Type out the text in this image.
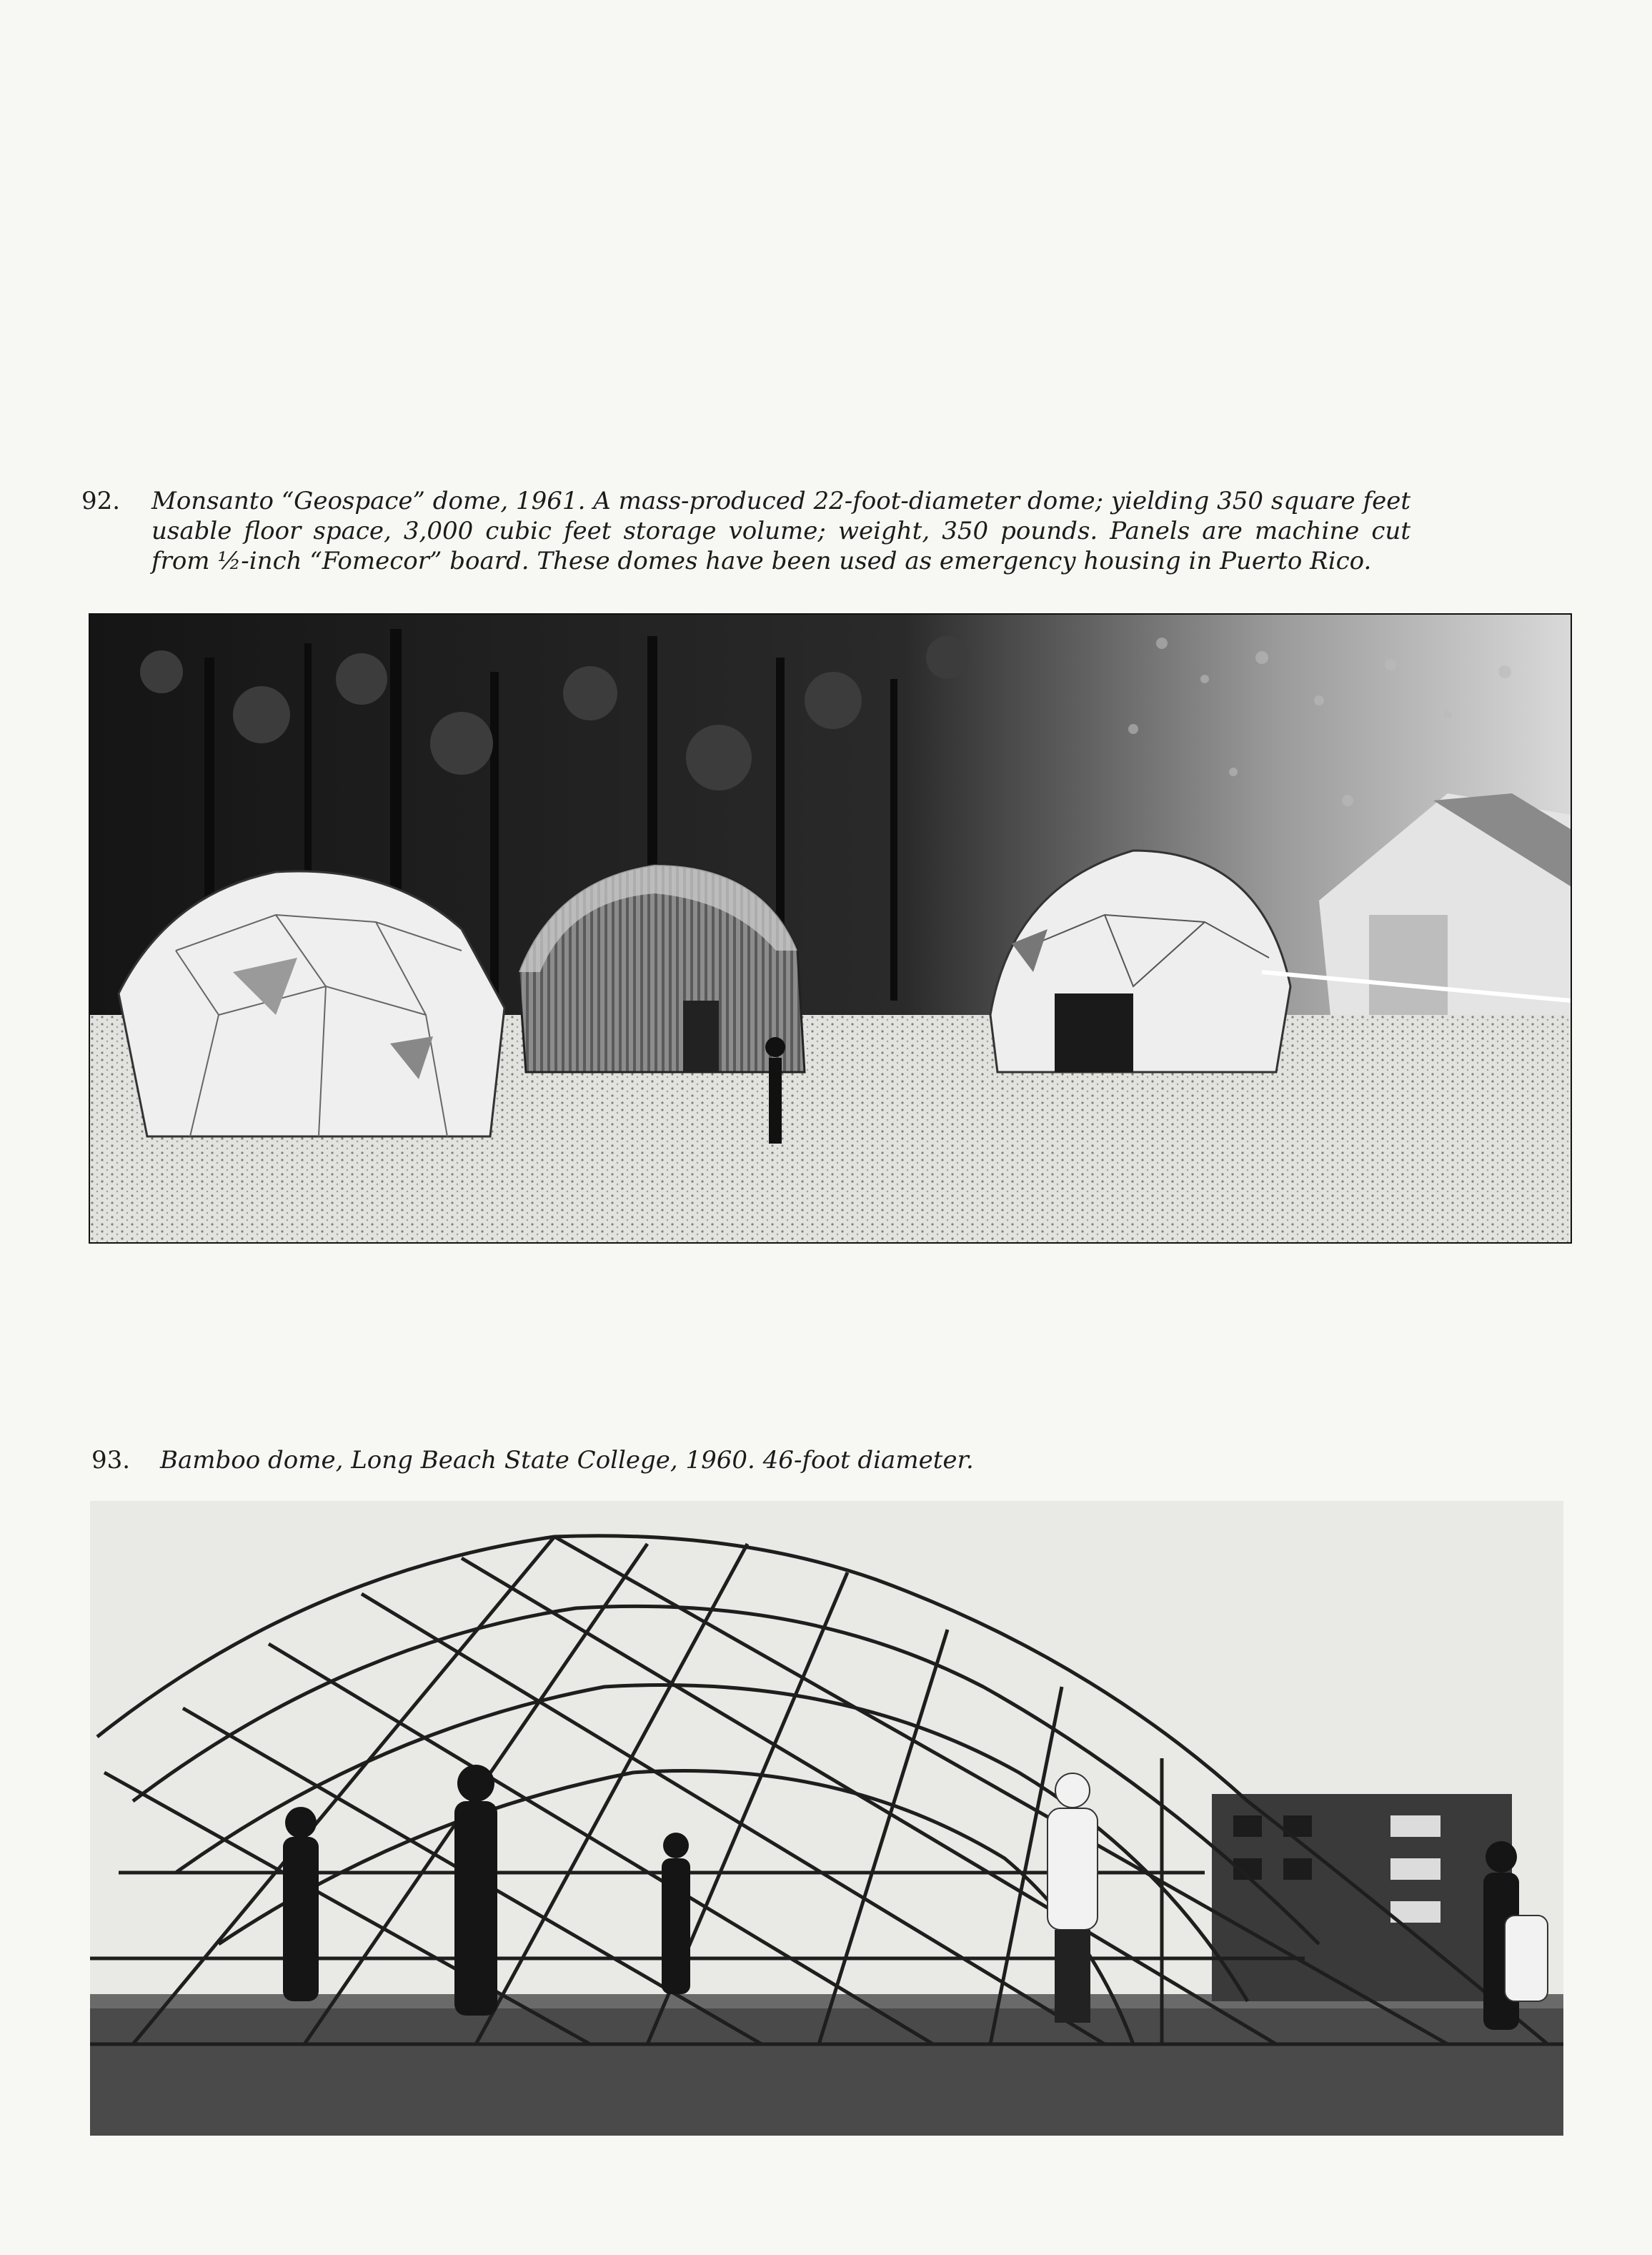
92. Monsanto “Geospace” dome, 1961. A mass-produced 22-foot-diameter dome; yielding 350 square feet usable floor space, 3,000 cubic feet storage volume; weight, 350 pounds. Panels are machine cut from ½-inch “Fomecor” board. These domes have been used as emergency housing in Puerto Rico.
93. Bamboo dome, Long Beach State College, 1960. 46-foot diameter.
